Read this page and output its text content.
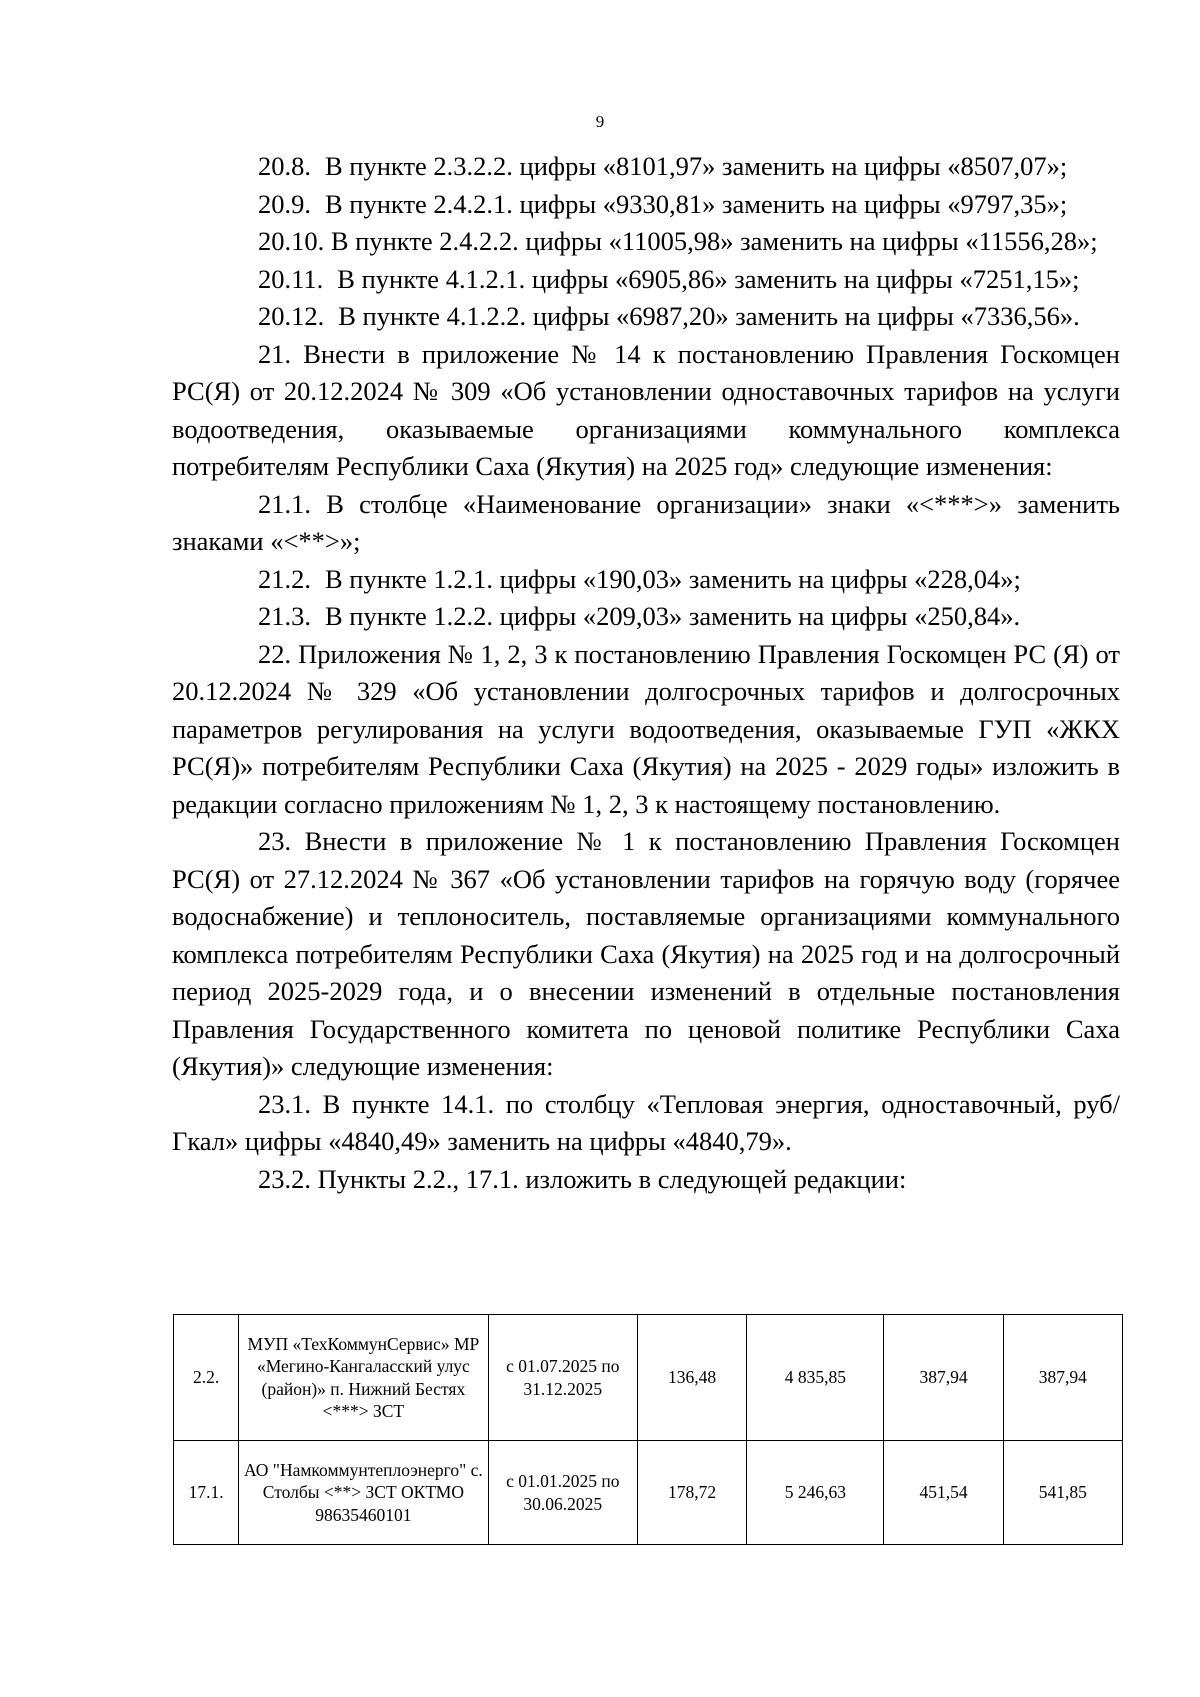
9

20.8. В пункте 2.3.2.2. цифры «8101,97» заменить на цифры «8507,07»;

20.9. В пункте 2.4.2.1. цифры «9330,81» заменить на цифры «9797,35»;

20.10. В пункте 2.4.2.2. цифры «11005,98» заменить на цифры «11556,28»;

20.11. В пункте 4.1.2.1. цифры «6905,86» заменить на цифры «7251,15»;

20.12. В пункте 4.1.2.2. цифры «6987,20» заменить на цифры «7336,56».

21. Внести в приложение № 14 к постановлению Правления Госкомцен РС(Я) от 20.12.2024 № 309 «Об установлении одноставочных тарифов на услуги водоотведения, оказываемые организациями коммунального комплекса потребителям Республики Саха (Якутия) на 2025 год» следующие изменения:

21.1. В столбце «Наименование организации» знаки «<***>» заменить знаками «<**>»;

21.2. В пункте 1.2.1. цифры «190,03» заменить на цифры «228,04»;

21.3. В пункте 1.2.2. цифры «209,03» заменить на цифры «250,84».

22. Приложения № 1, 2, 3 к постановлению Правления Госкомцен РС (Я) от 20.12.2024 № 329 «Об установлении долгосрочных тарифов и долгосрочных параметров регулирования на услуги водоотведения, оказываемые ГУП «ЖКХ РС(Я)» потребителям Республики Саха (Якутия) на 2025 - 2029 годы» изложить в редакции согласно приложениям № 1, 2, 3 к настоящему постановлению.

23. Внести в приложение № 1 к постановлению Правления Госкомцен РС(Я) от 27.12.2024 № 367 «Об установлении тарифов на горячую воду (горячее водоснабжение) и теплоноситель, поставляемые организациями коммунального комплекса потребителям Республики Саха (Якутия) на 2025 год и на долгосрочный период 2025-2029 года, и о внесении изменений в отдельные постановления Правления Государственного комитета по ценовой политике Республики Саха (Якутия)» следующие изменения:

23.1. В пункте 14.1. по столбцу «Тепловая энергия, одноставочный, руб/Гкал» цифры «4840,49» заменить на цифры «4840,79».

23.2. Пункты 2.2., 17.1. изложить в следующей редакции:

2.2.	МУП «ТехКоммунСервис» МР «Мегино-Кангаласский улус (район)» п. Нижний Бестях <***> ЗСТ	с 01.07.2025 по 31.12.2025	136,48	4 835,85	387,94	387,94
17.1.	АО "Намкоммунтеплоэнерго" с. Столбы <**> ЗСТ ОКТМО 98635460101	с 01.01.2025 по 30.06.2025	178,72	5 246,63	451,54	541,85
